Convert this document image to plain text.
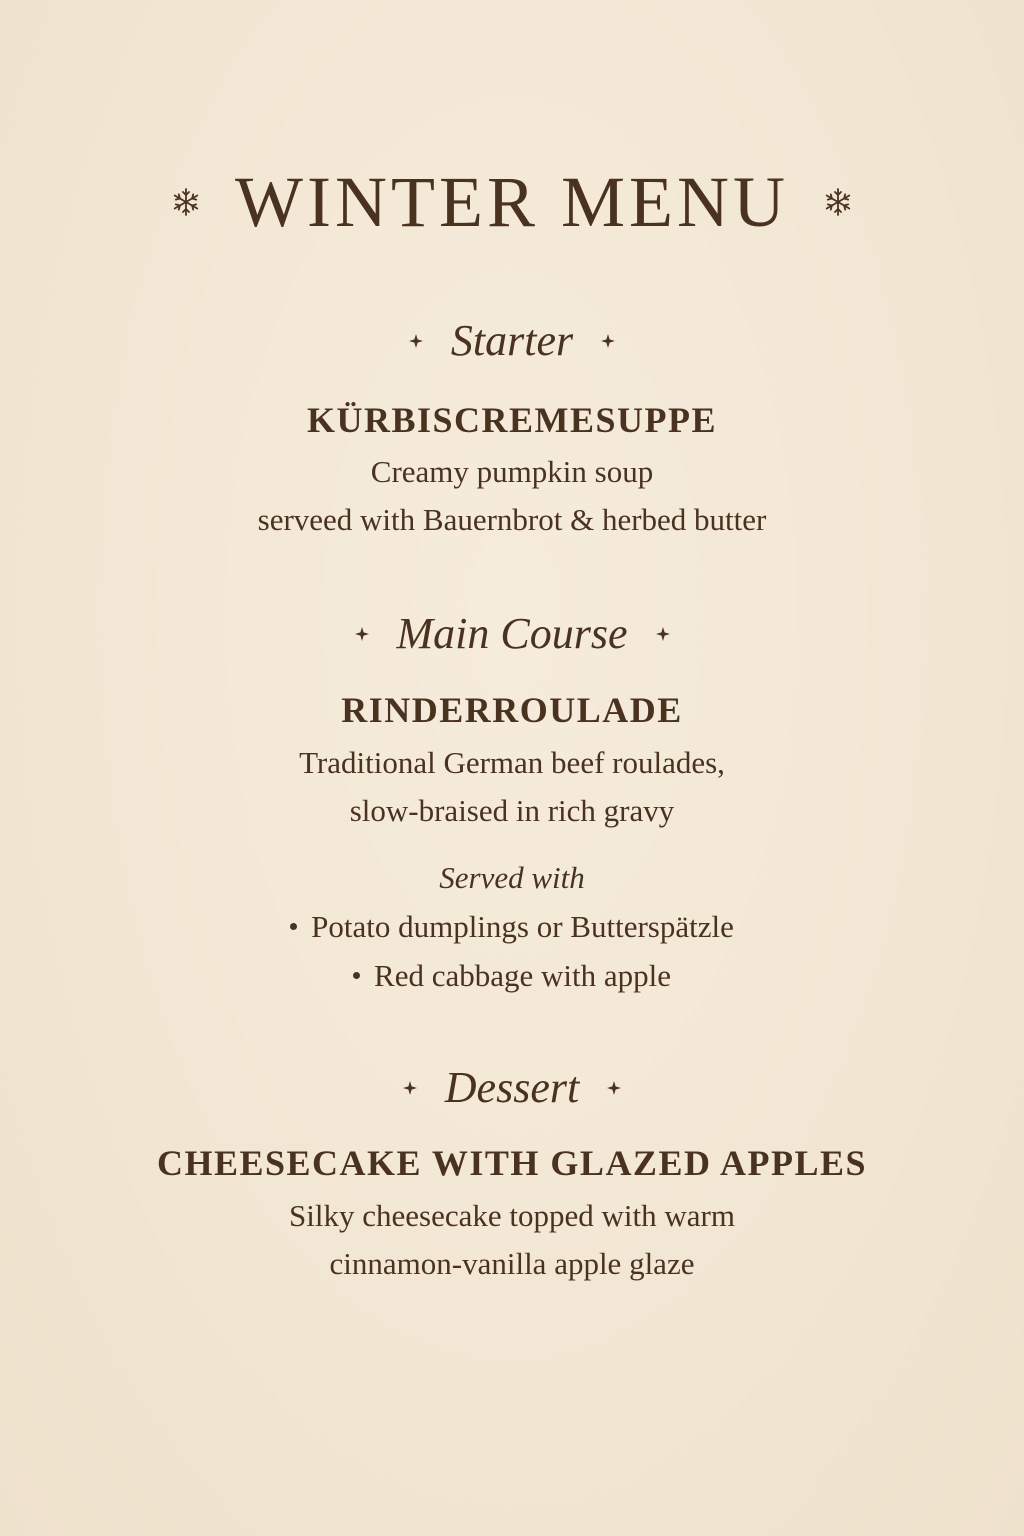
WINTER MENU
Starter
KÜRBISCREMESUPPE
Creamy pumpkin soup
serveed with Bauernbrot & herbed butter
Main Course
RINDERROULADE
Traditional German beef roulades,
slow-braised in rich gravy
Served with
Potato dumplings or Butterspätzle
Red cabbage with apple
Dessert
CHEESECAKE WITH GLAZED APPLES
Silky cheesecake topped with warm
cinnamon-vanilla apple glaze
